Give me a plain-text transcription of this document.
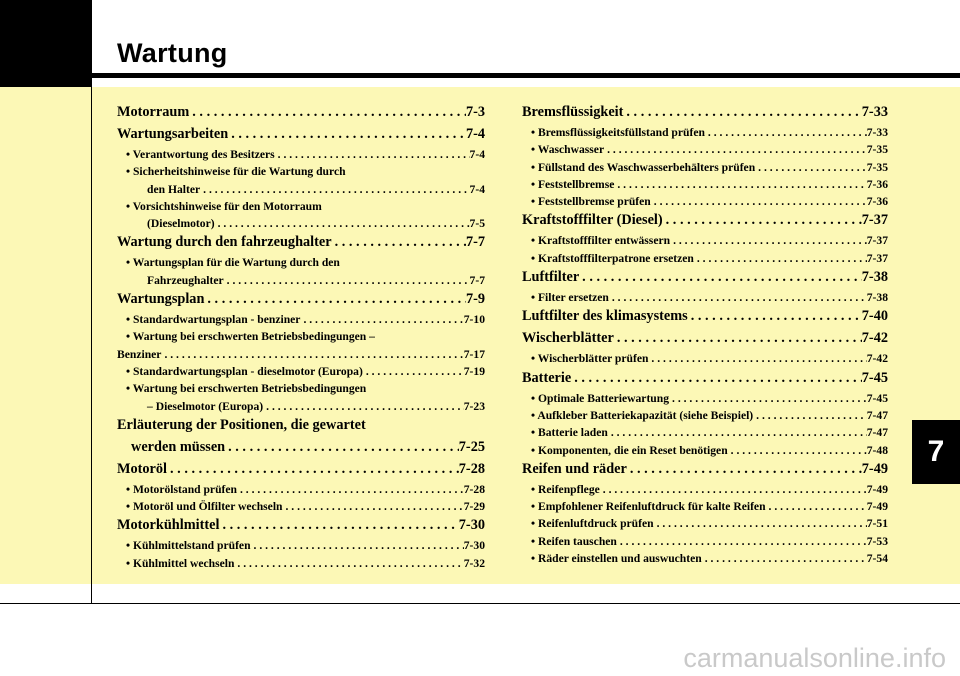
Wartung
7
carmanualsonline.info
Motorraum . . .	7-3
Wartungsarbeiten . . .	7-4
• Verantwortung des Besitzers . . .	7-4
• Sicherheitshinweise für die Wartung durch
den Halter . . .	7-4
• Vorsichtshinweise für den Motorraum
(Dieselmotor) . . .	7-5
Wartung durch den fahrzeughalter . . .	7-7
• Wartungsplan für die Wartung durch den
Fahrzeughalter . . .	7-7
Wartungsplan . . .	7-9
• Standardwartungsplan - benziner . . .	7-10
• Wartung bei erschwerten Betriebsbedingungen –
Benziner . . .	7-17
• Standardwartungsplan - dieselmotor (Europa) . . .	7-19
• Wartung bei erschwerten Betriebsbedingungen
– Dieselmotor (Europa) . . .	7-23
Erläuterung der Positionen, die gewartet
werden müssen . . .	7-25
Motoröl . . .	7-28
• Motorölstand prüfen . . .	7-28
• Motoröl und Ölfilter wechseln . . .	7-29
Motorkühlmittel . . .	7-30
• Kühlmittelstand prüfen . . .	7-30
• Kühlmittel wechseln . . .	7-32
Bremsflüssigkeit . . .	7-33
• Bremsflüssigkeitsfüllstand prüfen . . .	7-33
• Waschwasser . . .	7-35
• Füllstand des Waschwasserbehälters prüfen . . .	7-35
• Feststellbremse . . .	7-36
• Feststellbremse prüfen . . .	7-36
Kraftstofffilter (Diesel) . . .	7-37
• Kraftstofffilter entwässern . . .	7-37
• Kraftstofffilterpatrone ersetzen . . .	7-37
Luftfilter . . .	7-38
• Filter ersetzen . . .	7-38
Luftfilter des klimasystems . . .	7-40
Wischerblätter . . .	7-42
• Wischerblätter prüfen . . .	7-42
Batterie . . .	7-45
• Optimale Batteriewartung . . .	7-45
• Aufkleber Batteriekapazität (siehe Beispiel) . . .	7-47
• Batterie laden . . .	7-47
• Komponenten, die ein Reset benötigen . . .	7-48
Reifen und räder . . .	7-49
• Reifenpflege . . .	7-49
• Empfohlener Reifenluftdruck für kalte Reifen . . .	7-49
• Reifenluftdruck prüfen . . .	7-51
• Reifen tauschen . . .	7-53
• Räder einstellen und auswuchten . . .	7-54
